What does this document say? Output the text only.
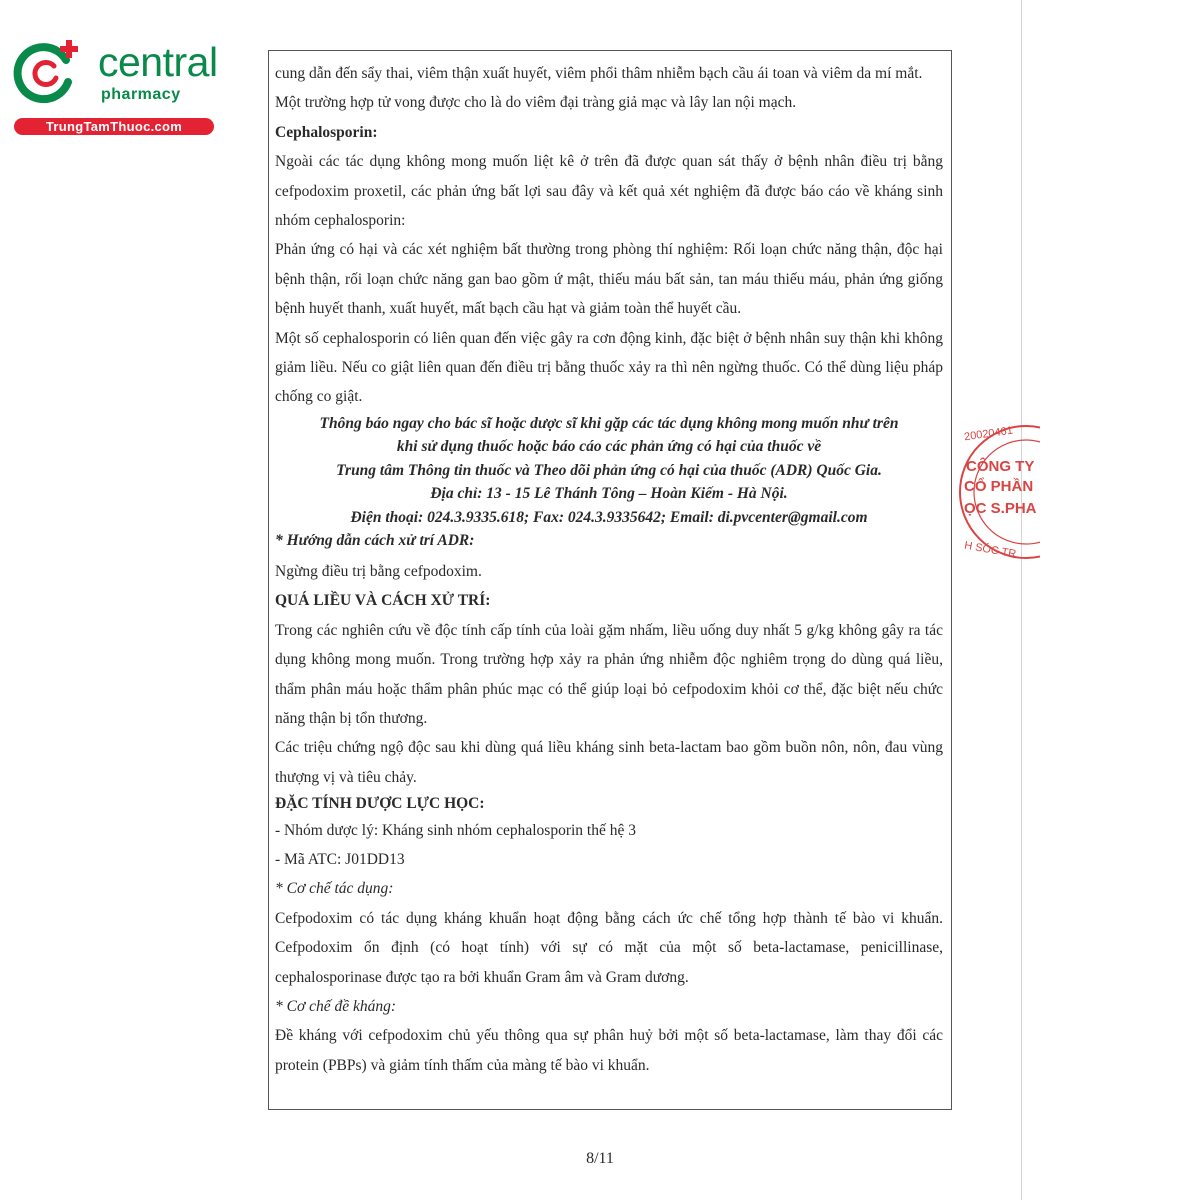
central
pharmacy
TrungTamThuoc.com

cung dẫn đến sẩy thai, viêm thận xuất huyết, viêm phổi thâm nhiễm bạch cầu ái toan và viêm da mí mắt.

Một trường hợp tử vong được cho là do viêm đại tràng giả mạc và lây lan nội mạch.

Cephalosporin:

Ngoài các tác dụng không mong muốn liệt kê ở trên đã được quan sát thấy ở bệnh nhân điều trị bằng cefpodoxim proxetil, các phản ứng bất lợi sau đây và kết quả xét nghiệm đã được báo cáo về kháng sinh nhóm cephalosporin:

Phản ứng có hại và các xét nghiệm bất thường trong phòng thí nghiệm: Rối loạn chức năng thận, độc hại bệnh thận, rối loạn chức năng gan bao gồm ứ mật, thiếu máu bất sản, tan máu thiếu máu, phản ứng giống bệnh huyết thanh, xuất huyết, mất bạch cầu hạt và giảm toàn thể huyết cầu.

Một số cephalosporin có liên quan đến việc gây ra cơn động kinh, đặc biệt ở bệnh nhân suy thận khi không giảm liều. Nếu co giật liên quan đến điều trị bằng thuốc xảy ra thì nên ngừng thuốc. Có thể dùng liệu pháp chống co giật.

Thông báo ngay cho bác sĩ hoặc dược sĩ khi gặp các tác dụng không mong muốn như trên

khi sử dụng thuốc hoặc báo cáo các phản ứng có hại của thuốc về

Trung tâm Thông tin thuốc và Theo dõi phản ứng có hại của thuốc (ADR) Quốc Gia.

Địa chỉ: 13 - 15 Lê Thánh Tông – Hoàn Kiếm - Hà Nội.

Điện thoại: 024.3.9335.618; Fax: 024.3.9335642; Email: di.pvcenter@gmail.com

* Hướng dẫn cách xử trí ADR:

Ngừng điều trị bằng cefpodoxim.

QUÁ LIỀU VÀ CÁCH XỬ TRÍ:

Trong các nghiên cứu về độc tính cấp tính của loài gặm nhấm, liều uống duy nhất 5 g/kg không gây ra tác dụng không mong muốn. Trong trường hợp xảy ra phản ứng nhiễm độc nghiêm trọng do dùng quá liều, thẩm phân máu hoặc thẩm phân phúc mạc có thể giúp loại bỏ cefpodoxim khỏi cơ thể, đặc biệt nếu chức năng thận bị tổn thương.

Các triệu chứng ngộ độc sau khi dùng quá liều kháng sinh beta-lactam bao gồm buồn nôn, nôn, đau vùng thượng vị và tiêu chảy.

ĐẶC TÍNH DƯỢC LỰC HỌC:

- Nhóm dược lý: Kháng sinh nhóm cephalosporin thế hệ 3

- Mã ATC: J01DD13

* Cơ chế tác dụng:

Cefpodoxim có tác dụng kháng khuẩn hoạt động bằng cách ức chế tổng hợp thành tế bào vi khuẩn. Cefpodoxim ổn định (có hoạt tính) với sự có mặt của một số beta-lactamase, penicillinase, cephalosporinase được tạo ra bởi khuẩn Gram âm và Gram dương.

* Cơ chế đề kháng:

Đề kháng với cefpodoxim chủ yếu thông qua sự phân huỷ bởi một số beta-lactamase, làm thay đổi các protein (PBPs) và giảm tính thấm của màng tế bào vi khuẩn.

20020461
CÔNG TY
CỔ PHẦN
ỌC S.PHA
H SÓC TR
8/11
